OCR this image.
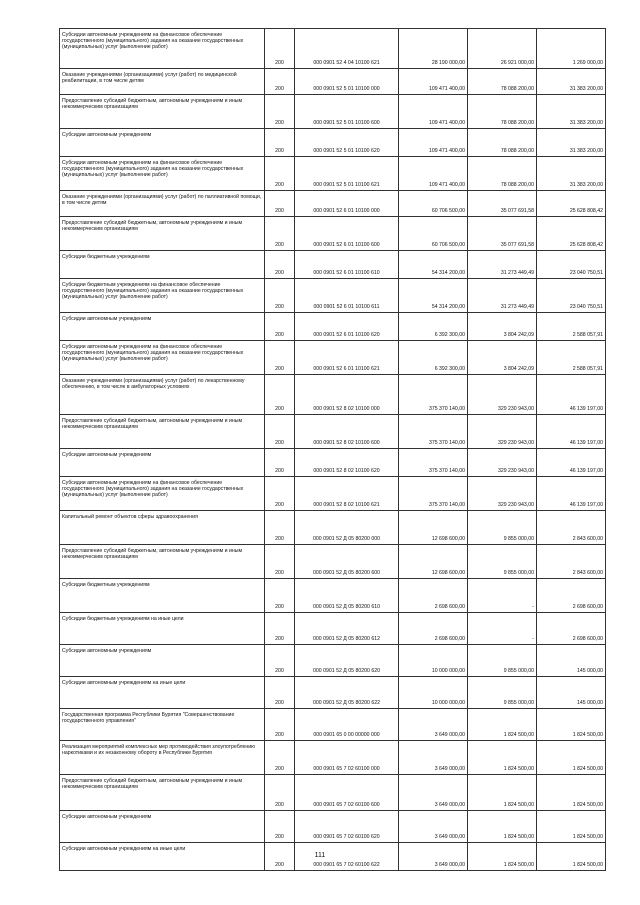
Субсидии автономным учреждениям на финансовое обеспечение государственного (муниципального) задания на оказание государственных (муниципальных) услуг (выполнение работ)	200	000 0901 52 4 04 10100 621	28 190 000,00	26 921 000,00	1 269 000,00

Оказание учреждениями (организациями) услуг (работ) по медицинской реабилитации, в том числе детям	200	000 0901 52 5 01 10100 000	109 471 400,00	78 088 200,00	31 383 200,00

Предоставление субсидий бюджетным, автономным учреждениям и иным некоммерческим организациям	200	000 0901 52 5 01 10100 600	109 471 400,00	78 088 200,00	31 383 200,00

Субсидии автономным учреждениям	200	000 0901 52 5 01 10100 620	109 471 400,00	78 088 200,00	31 383 200,00

Субсидии автономным учреждениям на финансовое обеспечение государственного (муниципального) задания на оказание государственных (муниципальных) услуг (выполнение работ)	200	000 0901 52 5 01 10100 621	109 471 400,00	78 088 200,00	31 383 200,00

Оказание учреждениями (организациями) услуг (работ) по паллиативной помощи, в том числе детям	200	000 0901 52 6 01 10100 000	60 706 500,00	35 077 691,58	25 628 808,42

Предоставление субсидий бюджетным, автономным учреждениям и иным некоммерческим организациям	200	000 0901 52 6 01 10100 600	60 706 500,00	35 077 691,58	25 628 808,42

Субсидии бюджетным учреждениям	200	000 0901 52 6 01 10100 610	54 314 200,00	31 273 449,49	23 040 750,51

Субсидии бюджетным учреждениям на финансовое обеспечение государственного (муниципального) задания на оказание государственных (муниципальных) услуг (выполнение работ)	200	000 0901 52 6 01 10100 611	54 314 200,00	31 273 449,49	23 040 750,51

Субсидии автономным учреждениям	200	000 0901 52 6 01 10100 620	6 392 300,00	3 804 242,09	2 588 057,91

Субсидии автономным учреждениям на финансовое обеспечение государственного (муниципального) задания на оказание государственных (муниципальных) услуг (выполнение работ)	200	000 0901 52 6 01 10100 621	6 392 300,00	3 804 242,09	2 588 057,91

Оказание учреждениями (организациями) услуг (работ) по лекарственному обеспечению, в том числе в амбулаторных условиях	200	000 0901 52 8 02 10100 000	375 370 140,00	329 230 943,00	46 139 197,00

Предоставление субсидий бюджетным, автономным учреждениям и иным некоммерческим организациям	200	000 0901 52 8 02 10100 600	375 370 140,00	329 230 943,00	46 139 197,00

Субсидии автономным учреждениям	200	000 0901 52 8 02 10100 620	375 370 140,00	329 230 943,00	46 139 197,00

Субсидии автономным учреждениям на финансовое обеспечение государственного (муниципального) задания на оказание государственных (муниципальных) услуг (выполнение работ)	200	000 0901 52 8 02 10100 621	375 370 140,00	329 230 943,00	46 139 197,00

Капитальный ремонт объектов сферы здравоохранения	200	000 0901 52 Д 05 80200 000	12 698 600,00	9 855 000,00	2 843 600,00

Предоставление субсидий бюджетным, автономным учреждениям и иным некоммерческим организациям	200	000 0901 52 Д 05 80200 600	12 698 600,00	9 855 000,00	2 843 600,00

Субсидии бюджетным учреждениям	200	000 0901 52 Д 05 80200 610	2 698 600,00	-	2 698 600,00

Субсидии бюджетным учреждениям на иные цели	200	000 0901 52 Д 05 80200 612	2 698 600,00	-	2 698 600,00

Субсидии автономным учреждениям	200	000 0901 52 Д 05 80200 620	10 000 000,00	9 855 000,00	145 000,00

Субсидии автономным учреждениям на иные цели	200	000 0901 52 Д 05 80200 622	10 000 000,00	9 855 000,00	145 000,00

Государственная программа Республики Бурятия "Совершенствование государственного управления"	200	000 0901 65 0 00 00000 000	3 649 000,00	1 824 500,00	1 824 500,00

Реализация мероприятий комплексных мер противодействия злоупотреблению наркотиками и их незаконному обороту в Республике Бурятия	200	000 0901 65 7 02 60100 000	3 649 000,00	1 824 500,00	1 824 500,00

Предоставление субсидий бюджетным, автономным учреждениям и иным некоммерческим организациям	200	000 0901 65 7 02 60100 600	3 649 000,00	1 824 500,00	1 824 500,00

Субсидии автономным учреждениям	200	000 0901 65 7 02 60100 620	3 649 000,00	1 824 500,00	1 824 500,00

Субсидии автономным учреждениям на иные цели	200	000 0901 65 7 02 60100 622	3 649 000,00	1 824 500,00	1 824 500,00
111
